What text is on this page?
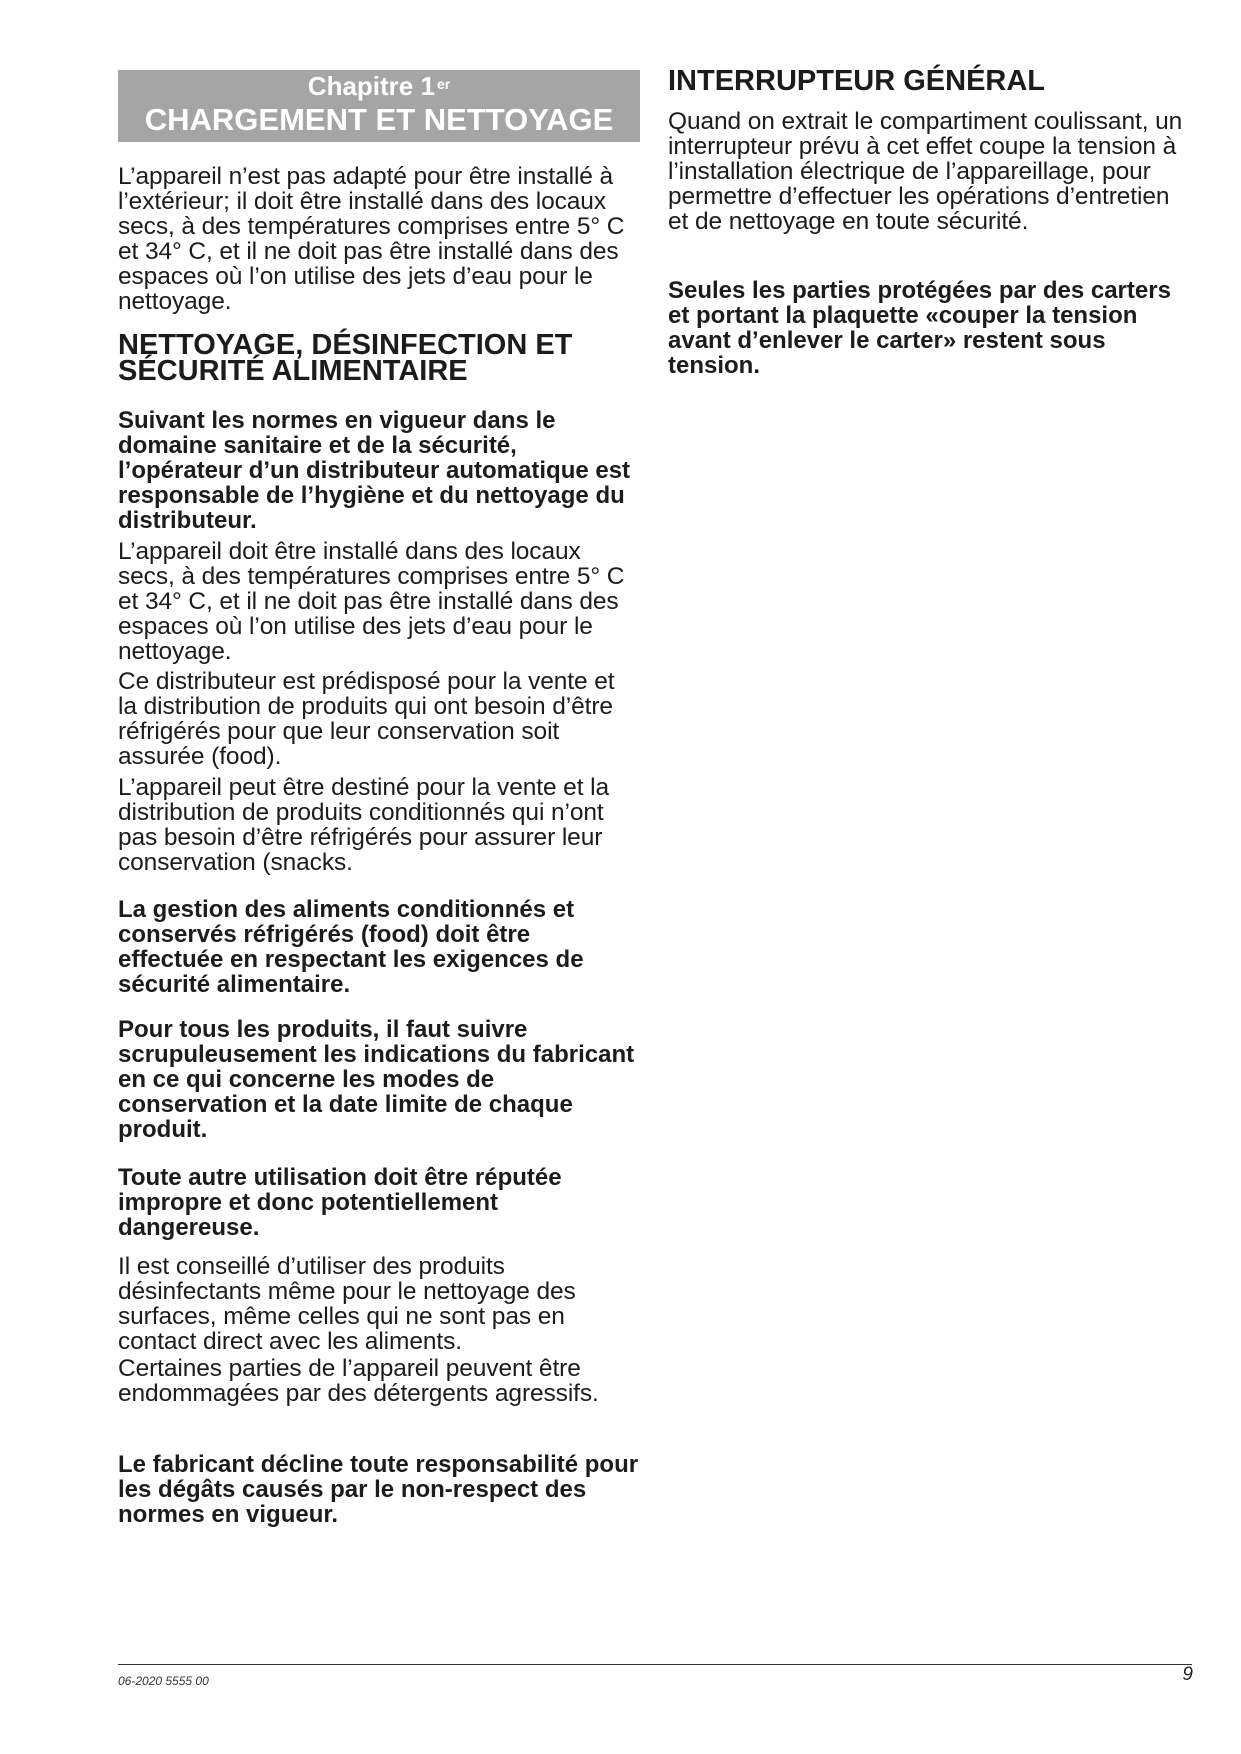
Chapitre 1 $^{er}$
CHARGEMENT ET NETTOYAGE

L’appareil n’est pas adapté pour être installé à l’extérieur; il doit être installé dans des locaux secs, à des températures comprises entre 5° C et 34° C, et il ne doit pas être installé dans des espaces où l’on utilise des jets d’eau pour le nettoyage.

NETTOYAGE, DÉSINFECTION ET SÉCURITÉ ALIMENTAIRE

Suivant les normes en vigueur dans le domaine sanitaire et de la sécurité, l’opérateur d’un distributeur automatique est responsable de l’hygiène et du nettoyage du distributeur.

L’appareil doit être installé dans des locaux secs, à des températures comprises entre 5° C et 34° C, et il ne doit pas être installé dans des espaces où l’on utilise des jets d’eau pour le nettoyage.

Ce distributeur est prédisposé pour la vente et la distribution de produits qui ont besoin d’être réfrigérés pour que leur conservation soit assurée (food).

L’appareil peut être destiné pour la vente et la distribution de produits conditionnés qui n’ont pas besoin d’être réfrigérés pour assurer leur conservation (snacks.

La gestion des aliments conditionnés et conservés réfrigérés (food) doit être effectuée en respectant les exigences de sécurité alimentaire.

Pour tous les produits, il faut suivre scrupuleusement les indications du fabricant en ce qui concerne les modes de conservation et la date limite de chaque produit.

Toute autre utilisation doit être réputée impropre et donc potentiellement dangereuse.

Il est conseillé d’utiliser des produits désinfectants même pour le nettoyage des surfaces, même celles qui ne sont pas en contact direct avec les aliments.

Certaines parties de l’appareil peuvent être endommagées par des détergents agressifs.

Le fabricant décline toute responsabilité pour les dégâts causés par le non-respect des normes en vigueur.

INTERRUPTEUR GÉNÉRAL

Quand on extrait le compartiment coulissant, un interrupteur prévu à cet effet coupe la tension à l’installation électrique de l’appareillage, pour permettre d’effectuer les opérations d’entretien et de nettoyage en toute sécurité.

Seules les parties protégées par des carters et portant la plaquette «couper la tension avant d’enlever le carter» restent sous tension.

06-2020 5555 00	9
